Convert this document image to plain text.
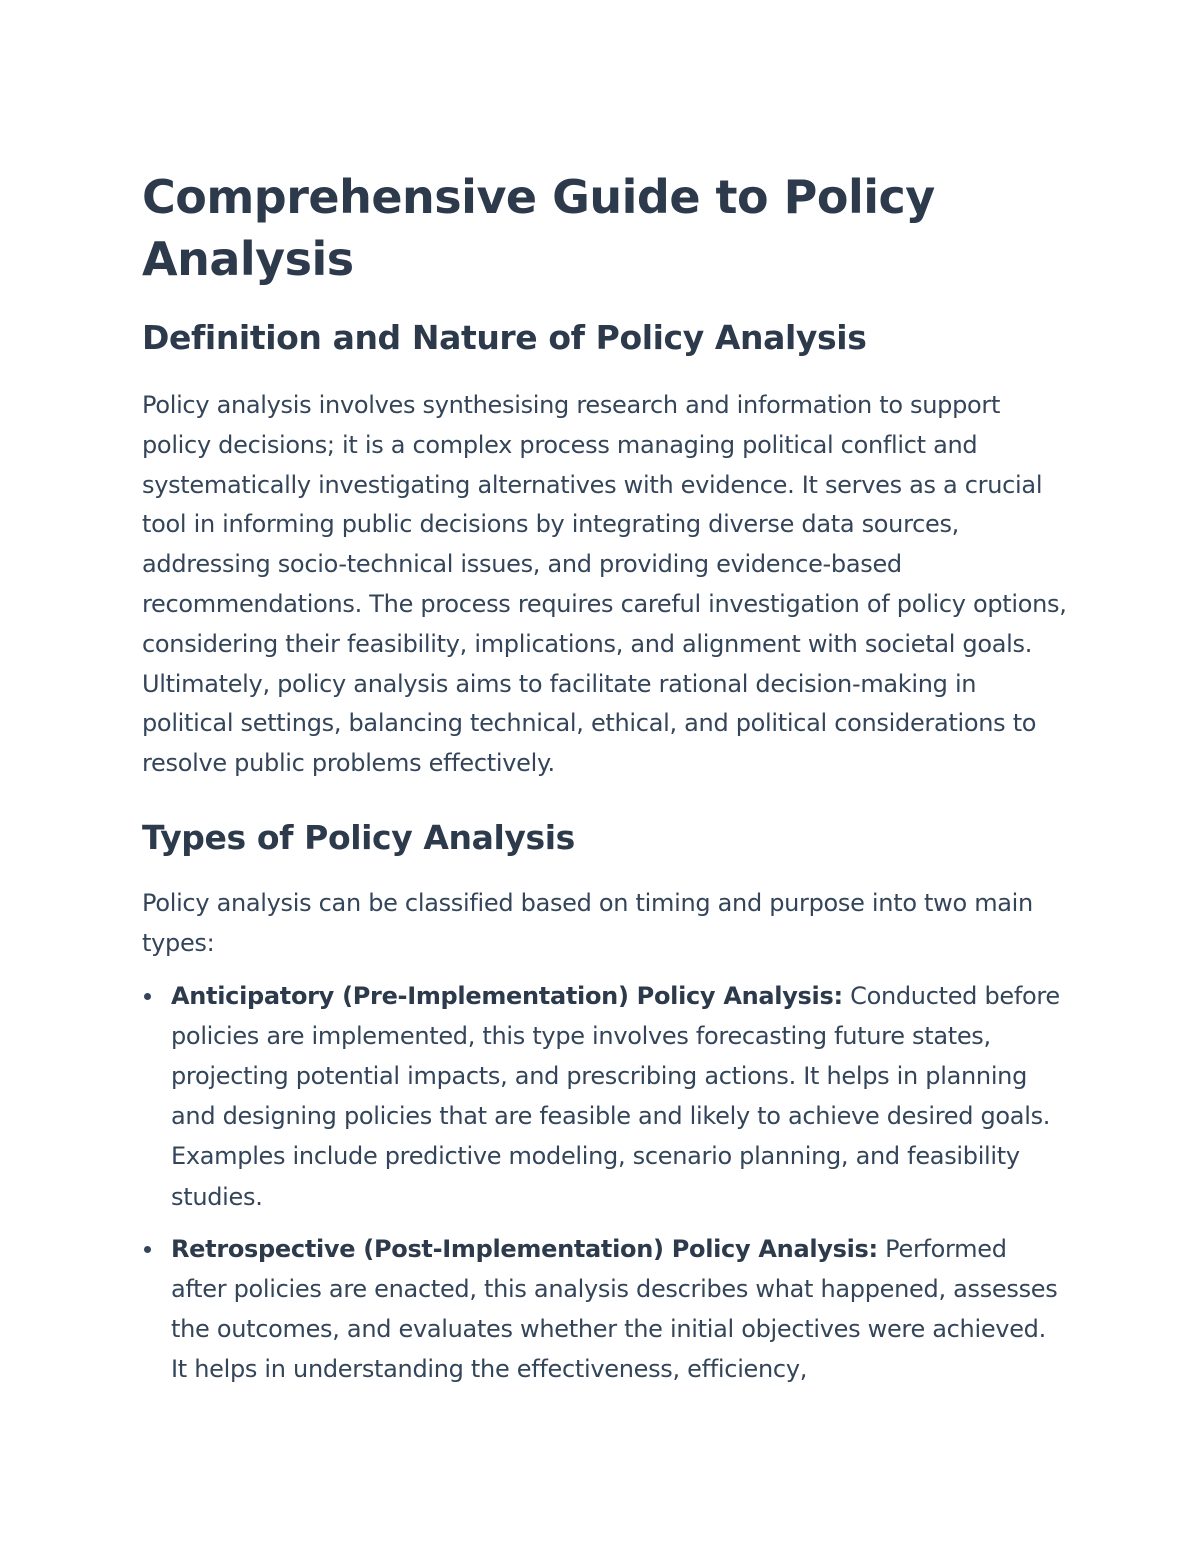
Comprehensive Guide to Policy Analysis
Definition and Nature of Policy Analysis

Policy analysis involves synthesising research and information to support policy decisions; it is a complex process managing political conflict and systematically investigating alternatives with evidence. It serves as a crucial tool in informing public decisions by integrating diverse data sources, addressing socio-technical issues, and providing evidence-based recommendations. The process requires careful investigation of policy options, considering their feasibility, implications, and alignment with societal goals. Ultimately, policy analysis aims to facilitate rational decision-making in political settings, balancing technical, ethical, and political considerations to resolve public problems effectively.

Types of Policy Analysis

Policy analysis can be classified based on timing and purpose into two main types:

Anticipatory (Pre-Implementation) Policy Analysis: Conducted before policies are implemented, this type involves forecasting future states, projecting potential impacts, and prescribing actions. It helps in planning and designing policies that are feasible and likely to achieve desired goals. Examples include predictive modeling, scenario planning, and feasibility studies.
Retrospective (Post-Implementation) Policy Analysis: Performed after policies are enacted, this analysis describes what happened, assesses the outcomes, and evaluates whether the initial objectives were achieved. It helps in understanding the effectiveness, efficiency,
